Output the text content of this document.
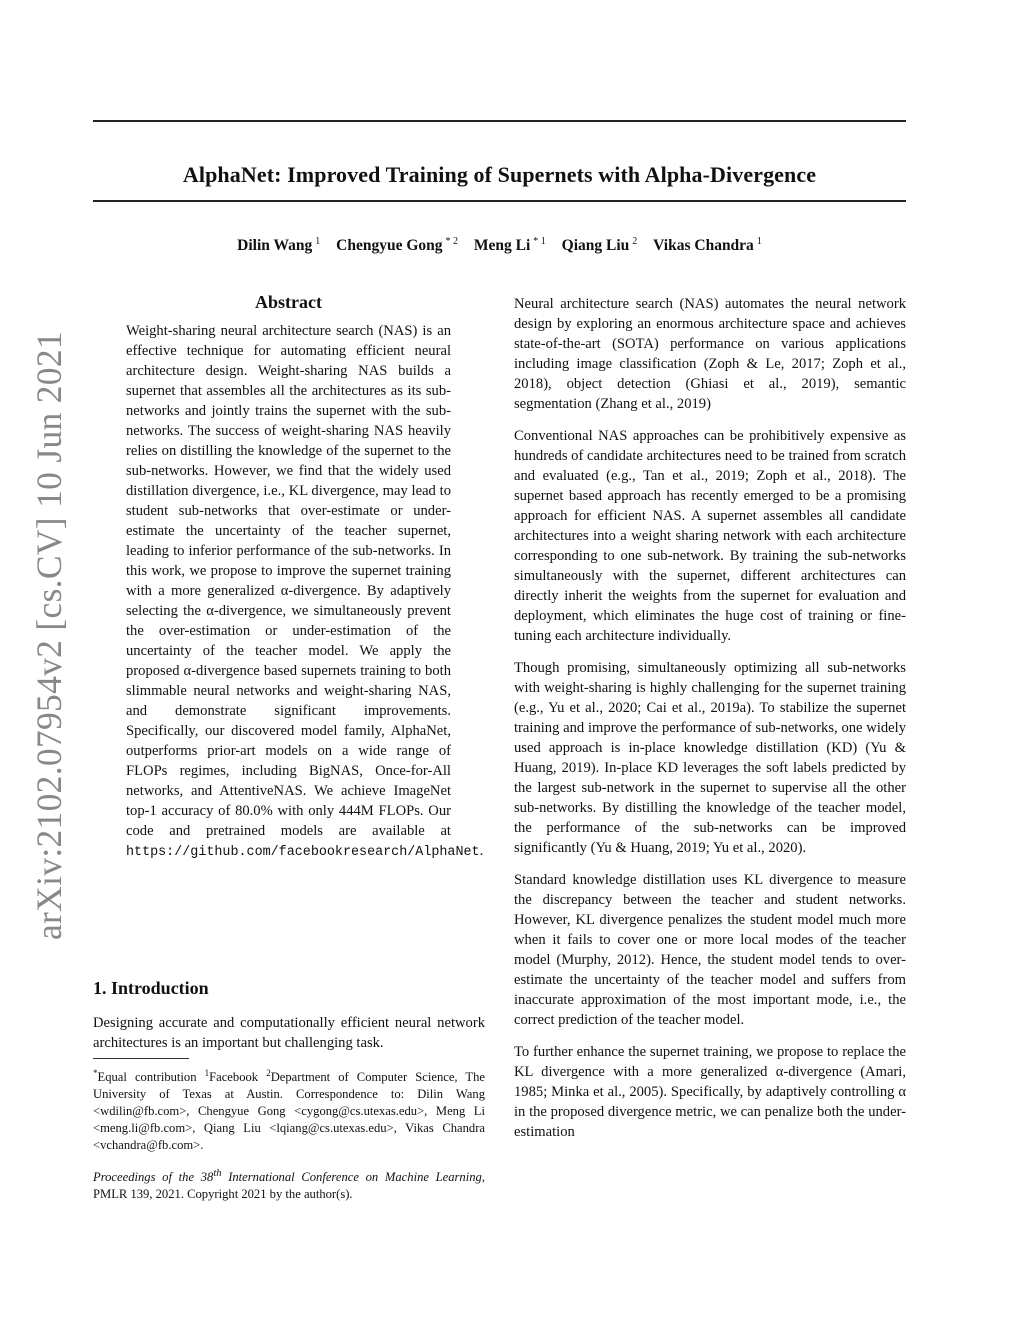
AlphaNet: Improved Training of Supernets with Alpha-Divergence
Dilin Wang $^1$ Chengyue Gong $^{* 2}$ Meng Li $^{* 1}$ Qiang Liu $^2$ Vikas Chandra $^1$
arXiv:2102.07954v2 [cs.CV] 10 Jun 2021
Abstract

Weight-sharing neural architecture search (NAS) is an effective technique for automating efficient neural architecture design. Weight-sharing NAS builds a supernet that assembles all the architectures as its sub-networks and jointly trains the supernet with the sub-networks. The success of weight-sharing NAS heavily relies on distilling the knowledge of the supernet to the sub-networks. However, we find that the widely used distillation divergence, i.e., KL divergence, may lead to student sub-networks that over-estimate or under-estimate the uncertainty of the teacher supernet, leading to inferior performance of the sub-networks. In this work, we propose to improve the supernet training with a more generalized α-divergence. By adaptively selecting the α-divergence, we simultaneously prevent the over-estimation or under-estimation of the uncertainty of the teacher model. We apply the proposed α-divergence based supernets training to both slimmable neural networks and weight-sharing NAS, and demonstrate significant improvements. Specifically, our discovered model family, AlphaNet, outperforms prior-art models on a wide range of FLOPs regimes, including BigNAS, Once-for-All networks, and AttentiveNAS. We achieve ImageNet top-1 accuracy of 80.0% with only 444M FLOPs. Our code and pretrained models are available at https://github.com/facebookresearch/AlphaNet.

1. Introduction

Designing accurate and computationally efficient neural network architectures is an important but challenging task.

*Equal contribution $^1$Facebook $^2$Department of Computer Science, The University of Texas at Austin. Correspondence to: Dilin Wang <wdilin@fb.com>, Chengyue Gong <cygong@cs.utexas.edu>, Meng Li <meng.li@fb.com>, Qiang Liu <lqiang@cs.utexas.edu>, Vikas Chandra <vchandra@fb.com>.
Proceedings of the 38th International Conference on Machine Learning, PMLR 139, 2021. Copyright 2021 by the author(s).

Neural architecture search (NAS) automates the neural network design by exploring an enormous architecture space and achieves state-of-the-art (SOTA) performance on various applications including image classification (Zoph & Le, 2017; Zoph et al., 2018), object detection (Ghiasi et al., 2019), semantic segmentation (Zhang et al., 2019)

Conventional NAS approaches can be prohibitively expensive as hundreds of candidate architectures need to be trained from scratch and evaluated (e.g., Tan et al., 2019; Zoph et al., 2018). The supernet based approach has recently emerged to be a promising approach for efficient NAS. A supernet assembles all candidate architectures into a weight sharing network with each architecture corresponding to one sub-network. By training the sub-networks simultaneously with the supernet, different architectures can directly inherit the weights from the supernet for evaluation and deployment, which eliminates the huge cost of training or fine-tuning each architecture individually.

Though promising, simultaneously optimizing all sub-networks with weight-sharing is highly challenging for the supernet training (e.g., Yu et al., 2020; Cai et al., 2019a). To stabilize the supernet training and improve the performance of sub-networks, one widely used approach is in-place knowledge distillation (KD) (Yu & Huang, 2019). In-place KD leverages the soft labels predicted by the largest sub-network in the supernet to supervise all the other sub-networks. By distilling the knowledge of the teacher model, the performance of the sub-networks can be improved significantly (Yu & Huang, 2019; Yu et al., 2020).

Standard knowledge distillation uses KL divergence to measure the discrepancy between the teacher and student networks. However, KL divergence penalizes the student model much more when it fails to cover one or more local modes of the teacher model (Murphy, 2012). Hence, the student model tends to over-estimate the uncertainty of the teacher model and suffers from inaccurate approximation of the most important mode, i.e., the correct prediction of the teacher model.

To further enhance the supernet training, we propose to replace the KL divergence with a more generalized α-divergence (Amari, 1985; Minka et al., 2005). Specifically, by adaptively controlling α in the proposed divergence metric, we can penalize both the under-estimation
